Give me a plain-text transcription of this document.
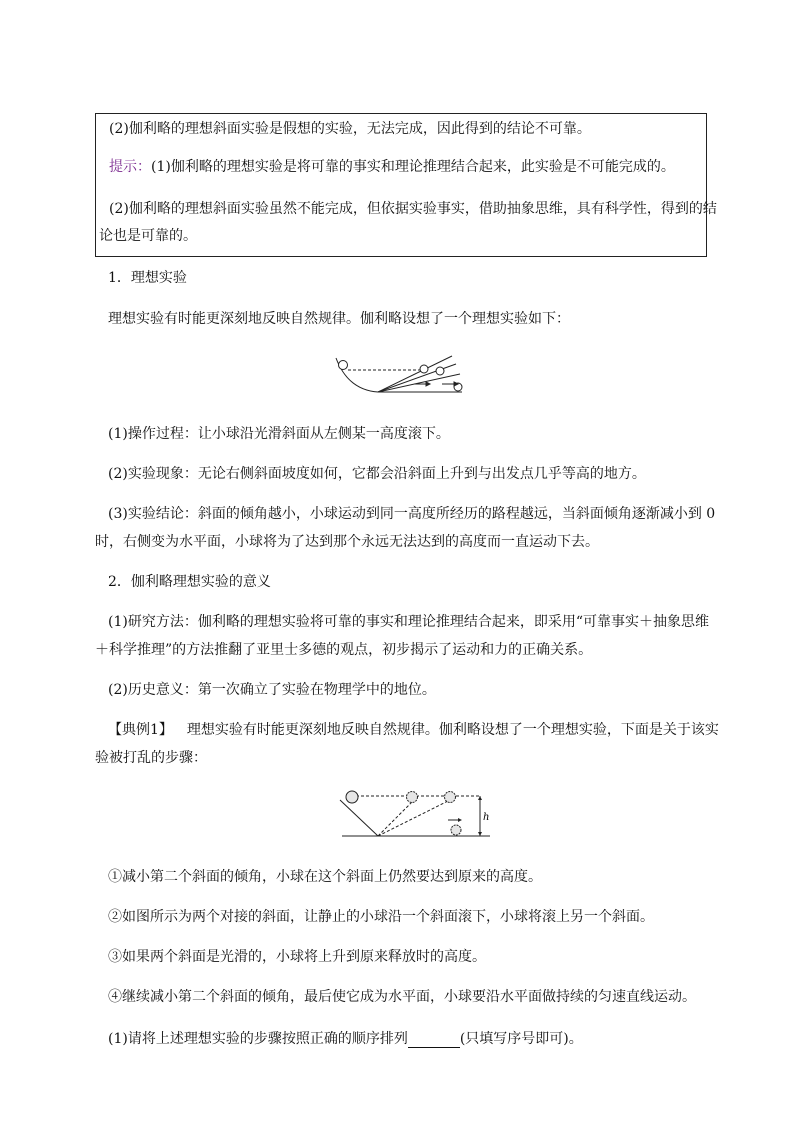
(2)伽利略的理想斜面实验是假想的实验，无法完成，因此得到的结论不可靠。
提示：(1)伽利略的理想实验是将可靠的事实和理论推理结合起来，此实验是不可能完成的。
(2)伽利略的理想斜面实验虽然不能完成，但依据实验事实，借助抽象思维，具有科学性，得到的结
论也是可靠的。
1．理想实验
理想实验有时能更深刻地反映自然规律。伽利略设想了一个理想实验如下：
(1)操作过程：让小球沿光滑斜面从左侧某一高度滚下。
(2)实验现象：无论右侧斜面坡度如何，它都会沿斜面上升到与出发点几乎等高的地方。
(3)实验结论：斜面的倾角越小，小球运动到同一高度所经历的路程越远，当斜面倾角逐渐减小到 0
时，右侧变为水平面，小球将为了达到那个永远无法达到的高度而一直运动下去。
2．伽利略理想实验的意义
(1)研究方法：伽利略的理想实验将可靠的事实和理论推理结合起来，即采用“可靠事实＋抽象思维
＋科学推理”的方法推翻了亚里士多德的观点，初步揭示了运动和力的正确关系。
(2)历史意义：第一次确立了实验在物理学中的地位。
【典例1】 理想实验有时能更深刻地反映自然规律。伽利略设想了一个理想实验，下面是关于该实
验被打乱的步骤：
h
①减小第二个斜面的倾角，小球在这个斜面上仍然要达到原来的高度。
②如图所示为两个对接的斜面，让静止的小球沿一个斜面滚下，小球将滚上另一个斜面。
③如果两个斜面是光滑的，小球将上升到原来释放时的高度。
④继续减小第二个斜面的倾角，最后使它成为水平面，小球要沿水平面做持续的匀速直线运动。
(1)请将上述理想实验的步骤按照正确的顺序排列	(只填写序号即可)。
